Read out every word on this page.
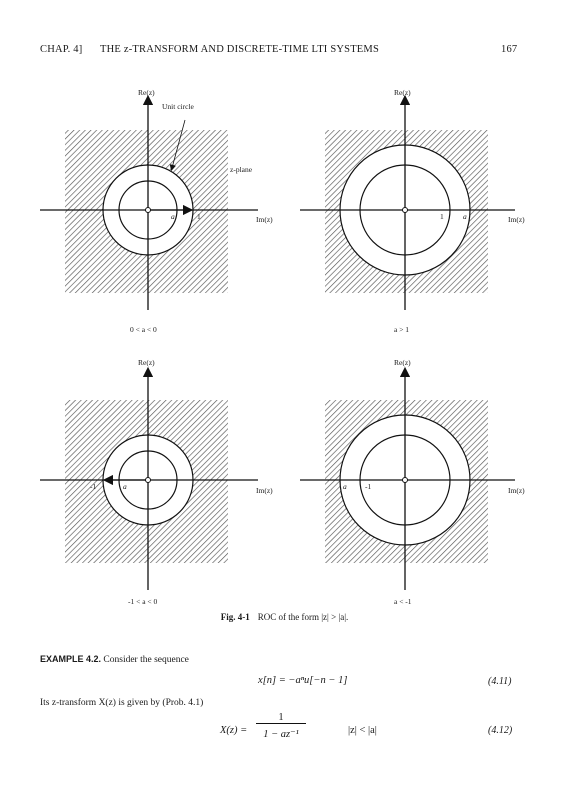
CHAP. 4] THE z-TRANSFORM AND DISCRETE-TIME LTI SYSTEMS	167
Re(z)
Im(z)
Unit circle
z-plane
a	1
0 < a < 0
Re(z)
Im(z)
1	a
a > 1
Re(z)
Im(z)
-1	a
-1 < a < 0
Re(z)
Im(z)
a -1
a < -1
Fig. 4-1 ROC of the form |z| > |a|.
EXAMPLE 4.2. Consider the sequence
x[n] = −aⁿu[−n − 1]	(4.11)
Its z-transform X(z) is given by (Prob. 4.1)
X(z) =
1
1 − az⁻¹	|z| < |a|	(4.12)
